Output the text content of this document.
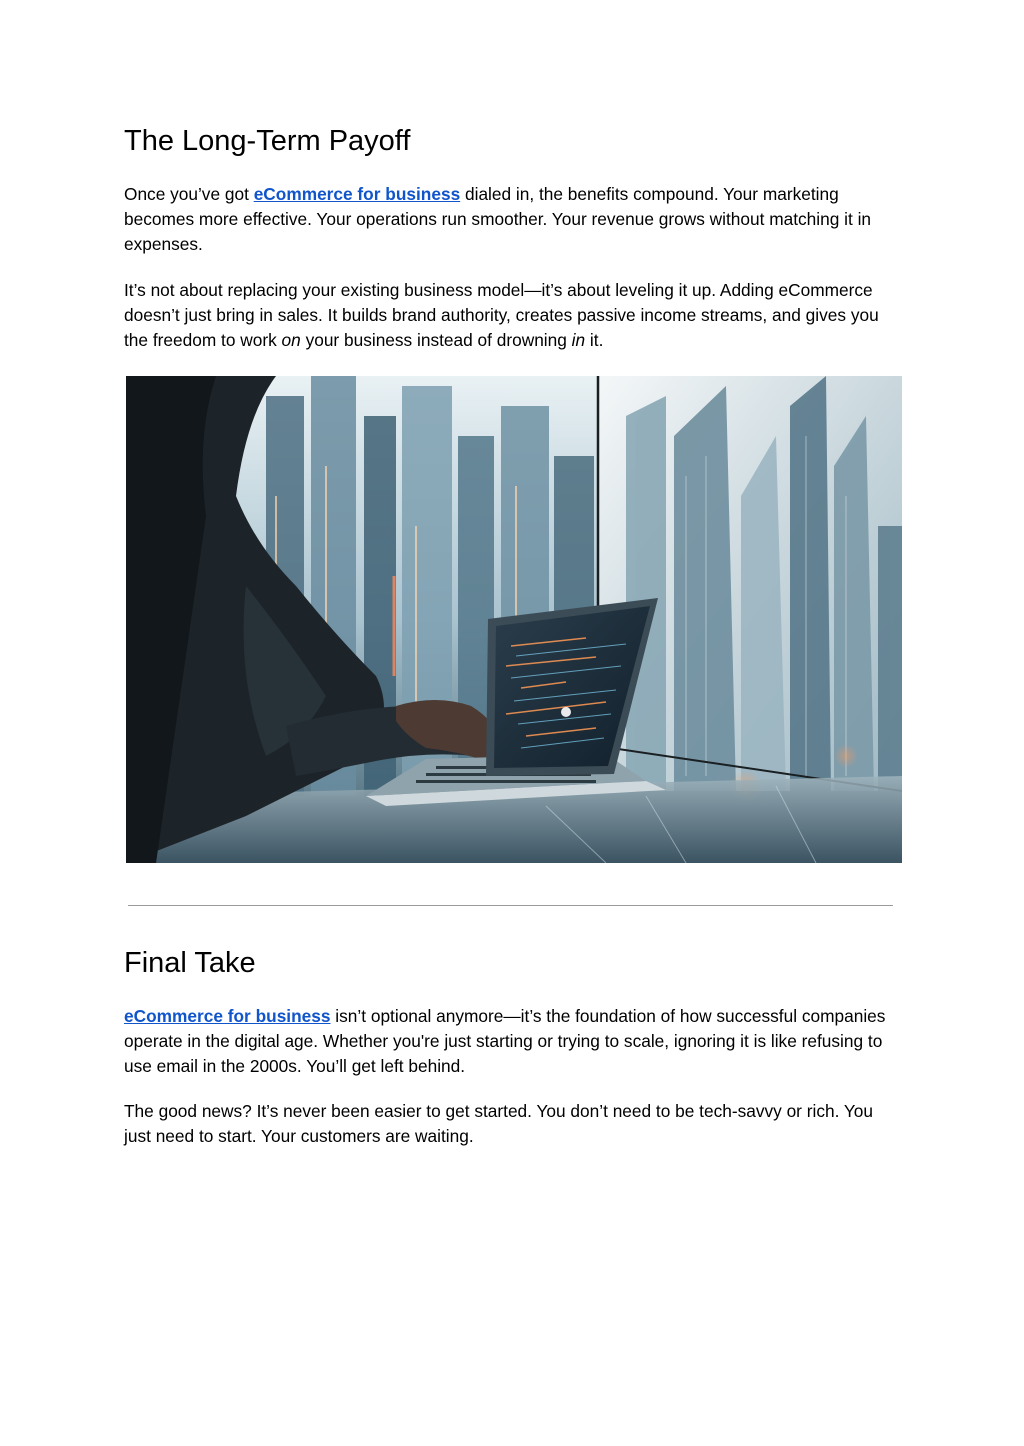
The Long-Term Payoff

Once you’ve got eCommerce for business dialed in, the benefits compound. Your marketing becomes more effective. Your operations run smoother. Your revenue grows without matching it in expenses.

It’s not about replacing your existing business model—it’s about leveling it up. Adding eCommerce doesn’t just bring in sales. It builds brand authority, creates passive income streams, and gives you the freedom to work on your business instead of drowning in it.

Final Take

eCommerce for business isn’t optional anymore—it’s the foundation of how successful companies operate in the digital age. Whether you're just starting or trying to scale, ignoring it is like refusing to use email in the 2000s. You’ll get left behind.

The good news? It’s never been easier to get started. You don’t need to be tech-savvy or rich. You just need to start. Your customers are waiting.
